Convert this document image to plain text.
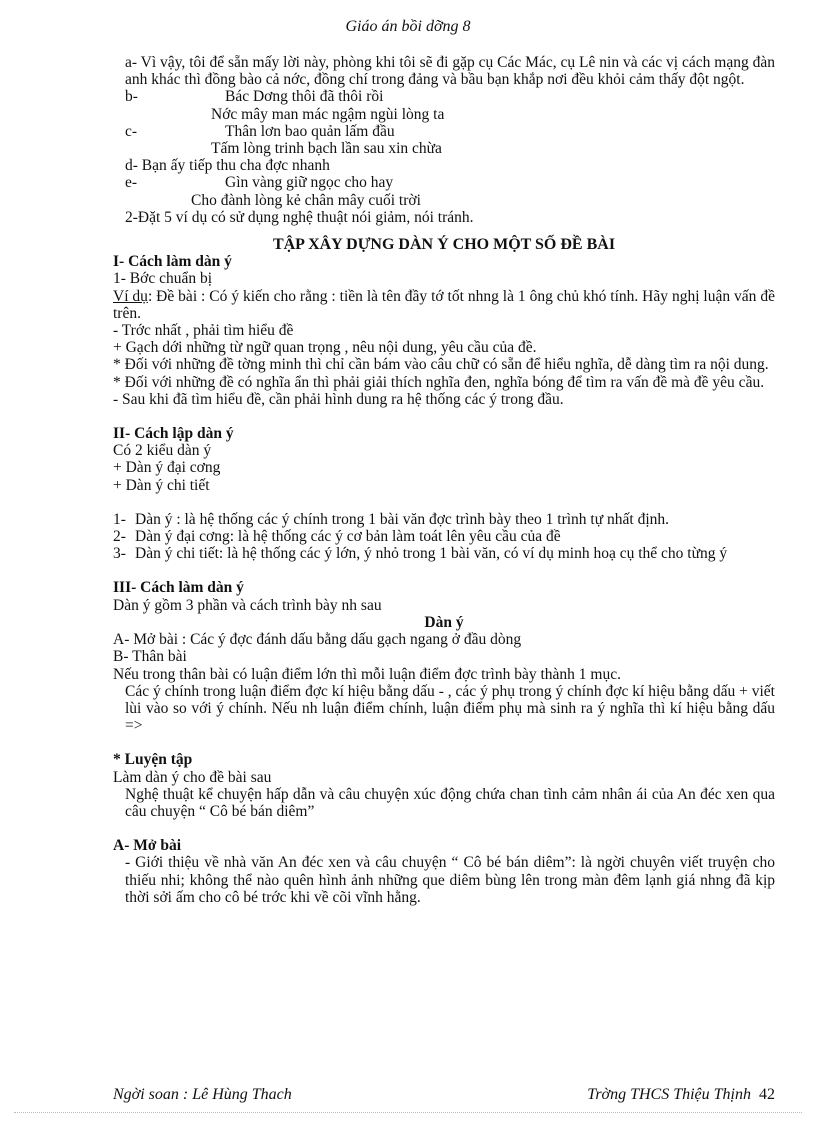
Giáo án bồi dỡng 8

a- Vì vậy, tôi để sẵn mấy lời này, phòng khi tôi sẽ đi gặp cụ Các Mác, cụ Lê nin và các vị cách mạng đàn anh khác thì đồng bào cả nớc, đồng chí trong đảng và bầu bạn khắp nơi đều khỏi cảm thấy đột ngột.

b-	Bác Dơng thôi đã thôi rồi

Nớc mây man mác ngậm ngùi lòng ta

c-	Thân lơn bao quản lấm đầu

Tấm lòng trinh bạch lần sau xin chừa

d- Bạn ấy tiếp thu cha đợc nhanh

e-	Gìn vàng giữ ngọc cho hay

Cho đành lòng kẻ chân mây cuối trời

2-Đặt 5 ví dụ có sử dụng nghệ thuật nói giảm, nói tránh.

TẬP XÂY DỰNG DÀN Ý CHO MỘT SỐ ĐỀ BÀI

I- Cách làm dàn ý

1- Bớc chuẩn bị

Ví dụ: Đề bài : Có ý kiến cho rằng : tiền là tên đầy tớ tốt nhng là 1 ông chủ khó tính. Hãy nghị luận vấn đề trên.

- Trớc nhất , phải tìm hiểu đề

+ Gạch dới những từ ngữ quan trọng , nêu nội dung, yêu cầu của đề.

* Đối với những đề tờng minh thì chỉ cần bám vào câu chữ có sẵn để hiểu nghĩa, dễ dàng tìm ra nội dung.

* Đối với những đề có nghĩa ẩn thì phải giải thích nghĩa đen, nghĩa bóng để tìm ra vấn đề mà đề yêu cầu.

- Sau khi đã tìm hiểu đề, cần phải hình dung ra hệ thống các ý trong đầu.

II- Cách lập dàn ý

Có 2 kiểu dàn ý

+ Dàn ý đại cơng

+ Dàn ý chi tiết

1- Dàn ý : là hệ thống các ý chính trong 1 bài văn đợc trình bày theo 1 trình tự nhất định.
2- Dàn ý đại cơng: là hệ thống các ý cơ bản làm toát lên yêu cầu của đề
3- Dàn ý chi tiết: là hệ thống các ý lớn, ý nhỏ trong 1 bài văn, có ví dụ minh hoạ cụ thể cho từng ý

III- Cách làm dàn ý

Dàn ý gồm 3 phần và cách trình bày nh sau

Dàn ý

A- Mở bài : Các ý đợc đánh dấu bằng dấu gạch ngang ở đầu dòng

B- Thân bài

Nếu trong thân bài có luận điểm lớn thì mỗi luận điểm đợc trình bày thành 1 mục.

Các ý chính trong luận điểm đợc kí hiệu bằng dấu - , các ý phụ trong ý chính đợc kí hiệu bằng dấu + viết lùi vào so với ý chính. Nếu nh luận điểm chính, luận điểm phụ mà sinh ra ý nghĩa thì kí hiệu bằng dấu =>

* Luyện tập

Làm dàn ý cho đề bài sau

Nghệ thuật kể chuyện hấp dẫn và câu chuyện xúc động chứa chan tình cảm nhân ái của An đéc xen qua câu chuyện “ Cô bé bán diêm”

A- Mở bài

- Giới thiệu về nhà văn An đéc xen và câu chuyện “ Cô bé bán diêm”: là ngời chuyên viết truyện cho thiếu nhi; không thể nào quên hình ảnh những que diêm bùng lên trong màn đêm lạnh giá nhng đã kịp thời sởi ấm cho cô bé trớc khi về cõi vĩnh hằng.

Ngời soan : Lê Hùng Thach	Trờng THCS Thiệu Thịnh 42
